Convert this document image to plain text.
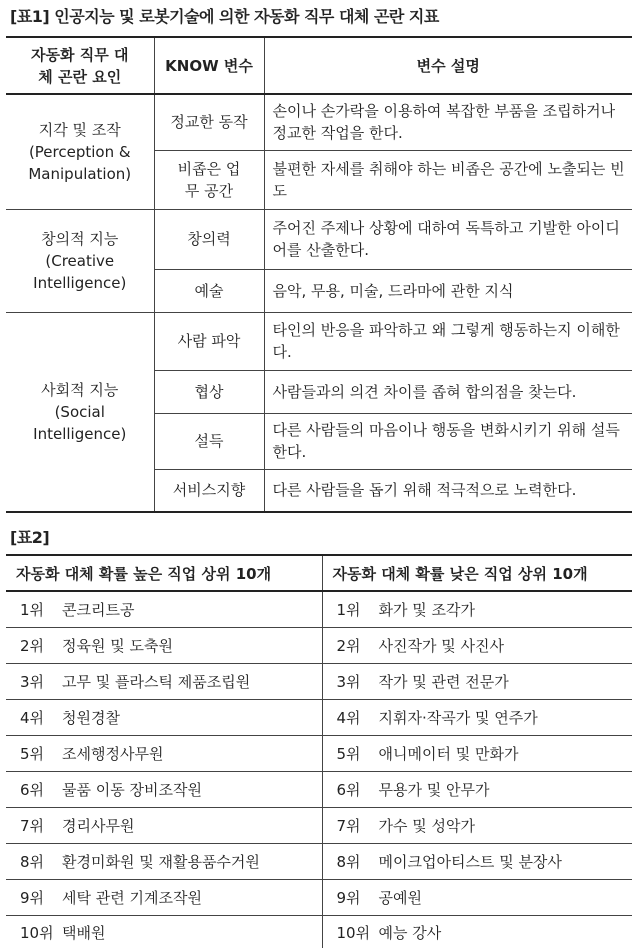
[표1] 인공지능 및 로봇기술에 의한 자동화 직무 대체 곤란 지표
자동화 직무 대체 곤란 요인	KNOW 변수	변수 설명
지각 및 조작 (Perception & Manipulation)	정교한 동작	손이나 손가락을 이용하여 복잡한 부품을 조립하거나 정교한 작업을 한다.
	비좁은 업무 공간	불편한 자세를 취해야 하는 비좁은 공간에 노출되는 빈도
창의적 지능 (Creative Intelligence)	창의력	주어진 주제나 상황에 대하여 독특하고 기발한 아이디어를 산출한다.
	예술	음악, 무용, 미술, 드라마에 관한 지식
사회적 지능 (Social Intelligence)	사람 파악	타인의 반응을 파악하고 왜 그렇게 행동하는지 이해한다.
	협상	사람들과의 의견 차이를 좁혀 합의점을 찾는다.
	설득	다른 사람들의 마음이나 행동을 변화시키기 위해 설득한다.
	서비스지향	다른 사람들을 돕기 위해 적극적으로 노력한다.
[표2]
자동화 대체 확률 높은 직업 상위 10개	자동화 대체 확률 낮은 직업 상위 10개
1위 콘크리트공	1위 화가 및 조각가
2위 정육원 및 도축원	2위 사진작가 및 사진사
3위 고무 및 플라스틱 제품조립원	3위 작가 및 관련 전문가
4위 청원경찰	4위 지휘자·작곡가 및 연주가
5위 조세행정사무원	5위 애니메이터 및 만화가
6위 물품 이동 장비조작원	6위 무용가 및 안무가
7위 경리사무원	7위 가수 및 성악가
8위 환경미화원 및 재활용품수거원	8위 메이크업아티스트 및 분장사
9위 세탁 관련 기계조작원	9위 공예원
10위 택배원	10위 예능 강사
